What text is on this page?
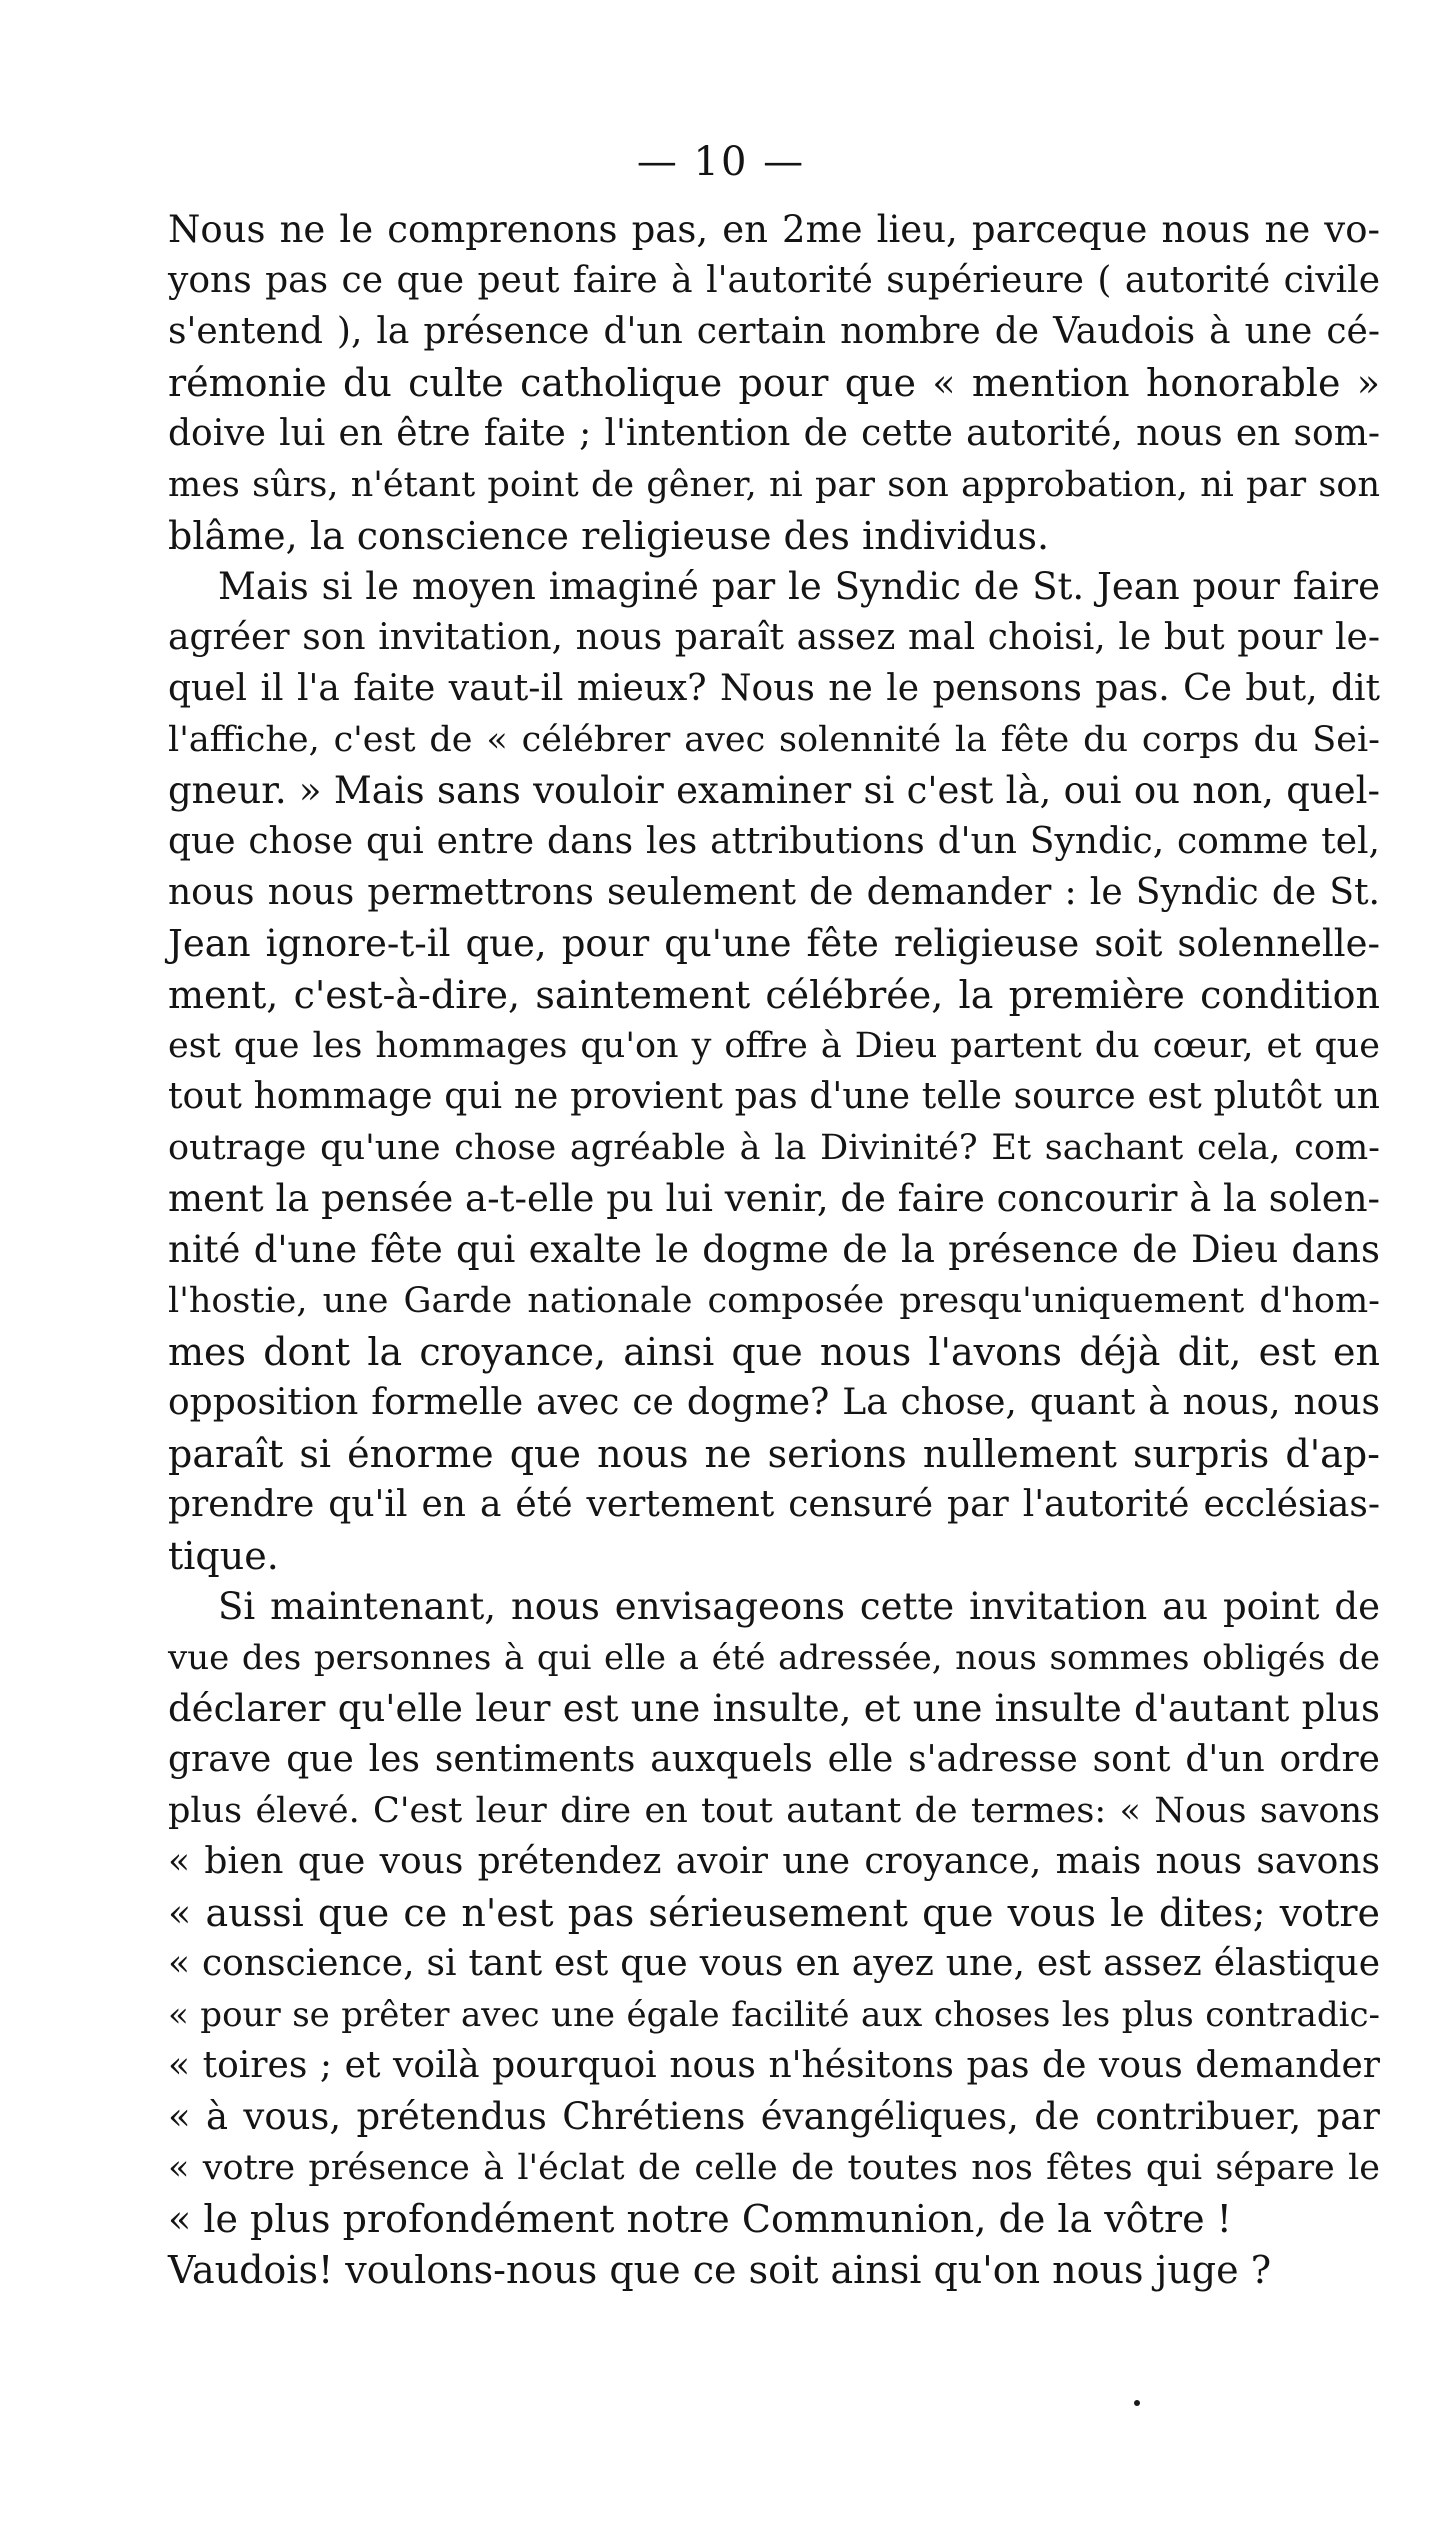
— 10 —
Nous ne le comprenons pas, en 2me lieu, parceque nous ne vo-
yons pas ce que peut faire à l'autorité supérieure ( autorité civile
s'entend ), la présence d'un certain nombre de Vaudois à une cé-
rémonie du culte catholique pour que « mention honorable »
doive lui en être faite ; l'intention de cette autorité, nous en som-
mes sûrs, n'étant point de gêner, ni par son approbation, ni par son
blâme, la conscience religieuse des individus.
Mais si le moyen imaginé par le Syndic de St. Jean pour faire
agréer son invitation, nous paraît assez mal choisi, le but pour le-
quel il l'a faite vaut-il mieux? Nous ne le pensons pas. Ce but, dit
l'affiche, c'est de « célébrer avec solennité la fête du corps du Sei-
gneur. » Mais sans vouloir examiner si c'est là, oui ou non, quel-
que chose qui entre dans les attributions d'un Syndic, comme tel,
nous nous permettrons seulement de demander : le Syndic de St.
Jean ignore-t-il que, pour qu'une fête religieuse soit solennelle-
ment, c'est-à-dire, saintement célébrée, la première condition
est que les hommages qu'on y offre à Dieu partent du cœur, et que
tout hommage qui ne provient pas d'une telle source est plutôt un
outrage qu'une chose agréable à la Divinité? Et sachant cela, com-
ment la pensée a-t-elle pu lui venir, de faire concourir à la solen-
nité d'une fête qui exalte le dogme de la présence de Dieu dans
l'hostie, une Garde nationale composée presqu'uniquement d'hom-
mes dont la croyance, ainsi que nous l'avons déjà dit, est en
opposition formelle avec ce dogme? La chose, quant à nous, nous
paraît si énorme que nous ne serions nullement surpris d'ap-
prendre qu'il en a été vertement censuré par l'autorité ecclésias-
tique.
Si maintenant, nous envisageons cette invitation au point de
vue des personnes à qui elle a été adressée, nous sommes obligés de
déclarer qu'elle leur est une insulte, et une insulte d'autant plus
grave que les sentiments auxquels elle s'adresse sont d'un ordre
plus élevé. C'est leur dire en tout autant de termes: « Nous savons
« bien que vous prétendez avoir une croyance, mais nous savons
« aussi que ce n'est pas sérieusement que vous le dites; votre
« conscience, si tant est que vous en ayez une, est assez élastique
« pour se prêter avec une égale facilité aux choses les plus contradic-
« toires ; et voilà pourquoi nous n'hésitons pas de vous demander
« à vous, prétendus Chrétiens évangéliques, de contribuer, par
« votre présence à l'éclat de celle de toutes nos fêtes qui sépare le
« le plus profondément notre Communion, de la vôtre !
Vaudois! voulons-nous que ce soit ainsi qu'on nous juge ?
